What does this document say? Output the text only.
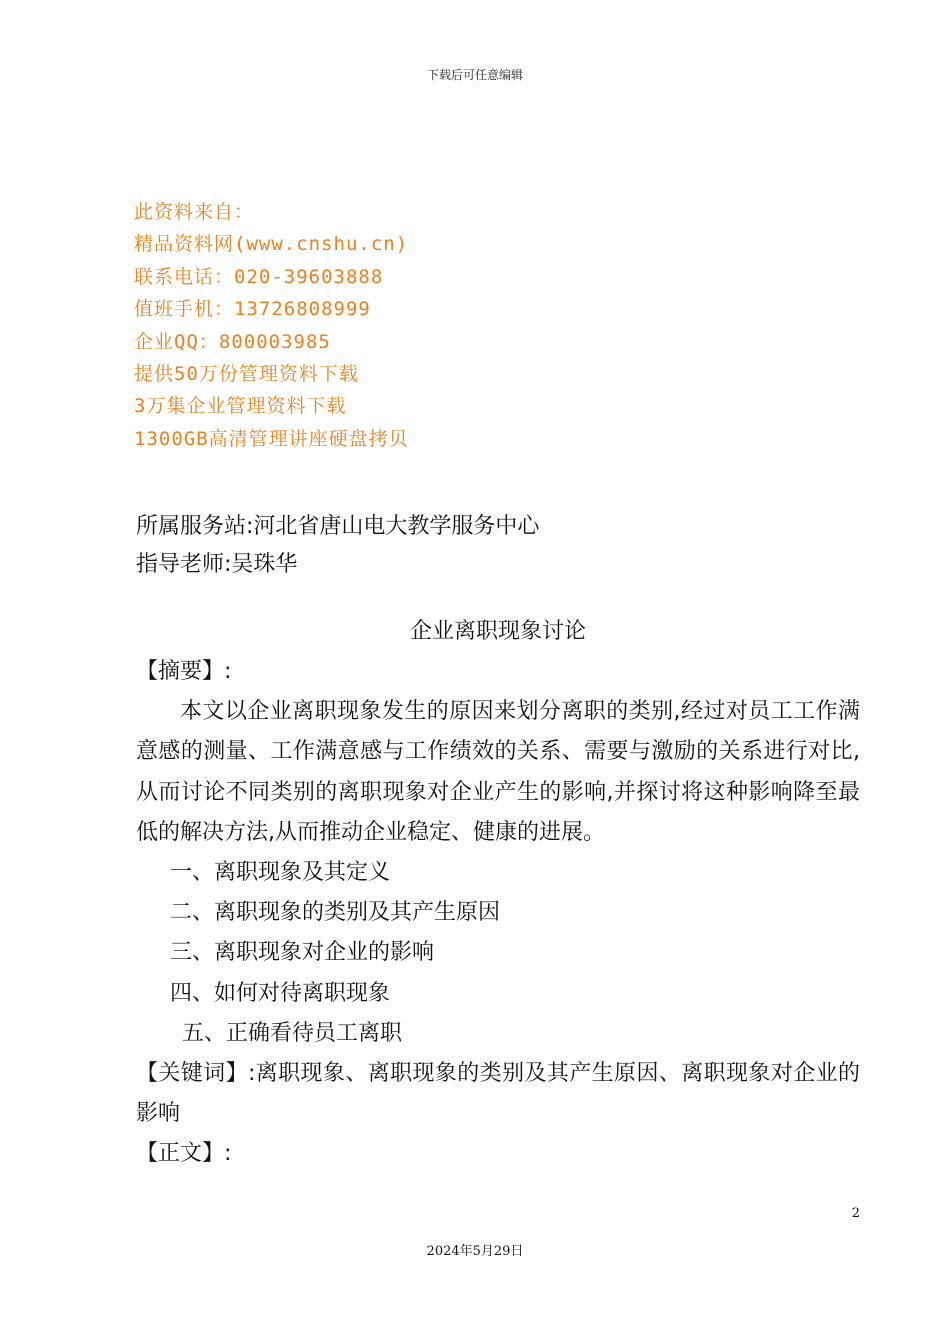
下载后可任意编辑
此资料来自：
精品资料网(www.cnshu.cn)
联系电话：020-39603888
值班手机：13726808999
企业QQ：800003985
提供50万份管理资料下载
3万集企业管理资料下载
1300GB高清管理讲座硬盘拷贝
所属服务站:河北省唐山电大教学服务中心
指导老师:吴珠华
企业离职现象讨论

【摘要】:

本文以企业离职现象发生的原因来划分离职的类别,经过对员工工作满意感的测量、工作满意感与工作绩效的关系、需要与激励的关系进行对比,从而讨论不同类别的离职现象对企业产生的影响,并探讨将这种影响降至最低的解决方法,从而推动企业稳定、健康的进展。

一、离职现象及其定义
二、离职现象的类别及其产生原因
三、离职现象对企业的影响
四、如何对待离职现象
五、正确看待员工离职

【关键词】:离职现象、离职现象的类别及其产生原因、离职现象对企业的影响

【正文】:

2
2024年5月29日
